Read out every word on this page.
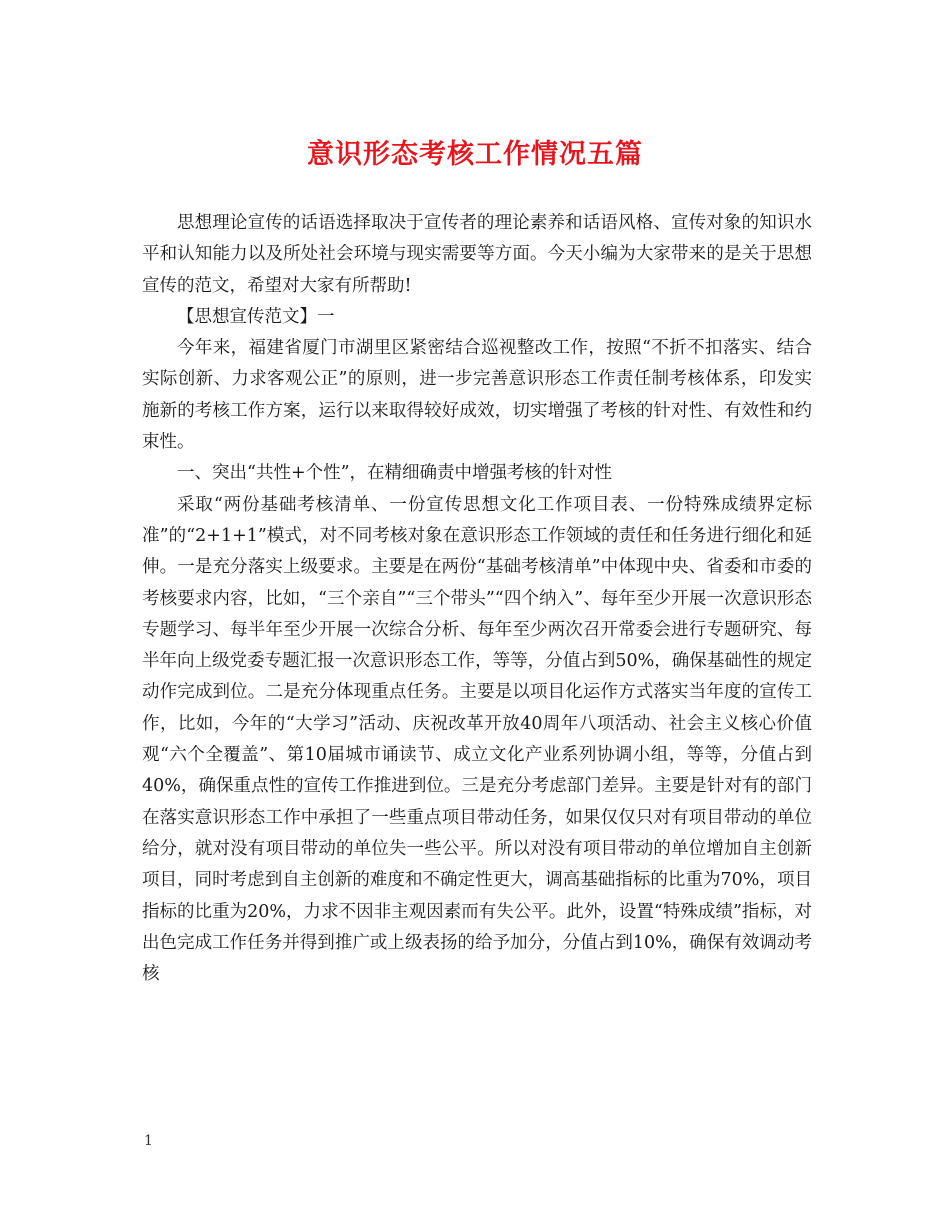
意识形态考核工作情况五篇

思想理论宣传的话语选择取决于宣传者的理论素养和话语风格、宣传对象的知识水平和认知能力以及所处社会环境与现实需要等方面。今天小编为大家带来的是关于思想宣传的范文，希望对大家有所帮助!

【思想宣传范文】一

今年来，福建省厦门市湖里区紧密结合巡视整改工作，按照“不折不扣落实、结合实际创新、力求客观公正”的原则，进一步完善意识形态工作责任制考核体系，印发实施新的考核工作方案，运行以来取得较好成效，切实增强了考核的针对性、有效性和约束性。

一、突出“共性+个性”，在精细确责中增强考核的针对性

采取“两份基础考核清单、一份宣传思想文化工作项目表、一份特殊成绩界定标准”的“2+1+1”模式，对不同考核对象在意识形态工作领域的责任和任务进行细化和延伸。一是充分落实上级要求。主要是在两份“基础考核清单”中体现中央、省委和市委的考核要求内容，比如，“三个亲自”“三个带头”“四个纳入”、每年至少开展一次意识形态专题学习、每半年至少开展一次综合分析、每年至少两次召开常委会进行专题研究、每半年向上级党委专题汇报一次意识形态工作，等等，分值占到50%，确保基础性的规定动作完成到位。二是充分体现重点任务。主要是以项目化运作方式落实当年度的宣传工作，比如，今年的“大学习”活动、庆祝改革开放40周年八项活动、社会主义核心价值观“六个全覆盖”、第10届城市诵读节、成立文化产业系列协调小组，等等，分值占到40%，确保重点性的宣传工作推进到位。三是充分考虑部门差异。主要是针对有的部门在落实意识形态工作中承担了一些重点项目带动任务，如果仅仅只对有项目带动的单位给分，就对没有项目带动的单位失一些公平。所以对没有项目带动的单位增加自主创新项目，同时考虑到自主创新的难度和不确定性更大，调高基础指标的比重为70%，项目指标的比重为20%，力求不因非主观因素而有失公平。此外，设置“特殊成绩”指标，对出色完成工作任务并得到推广或上级表扬的给予加分，分值占到10%，确保有效调动考核

1
